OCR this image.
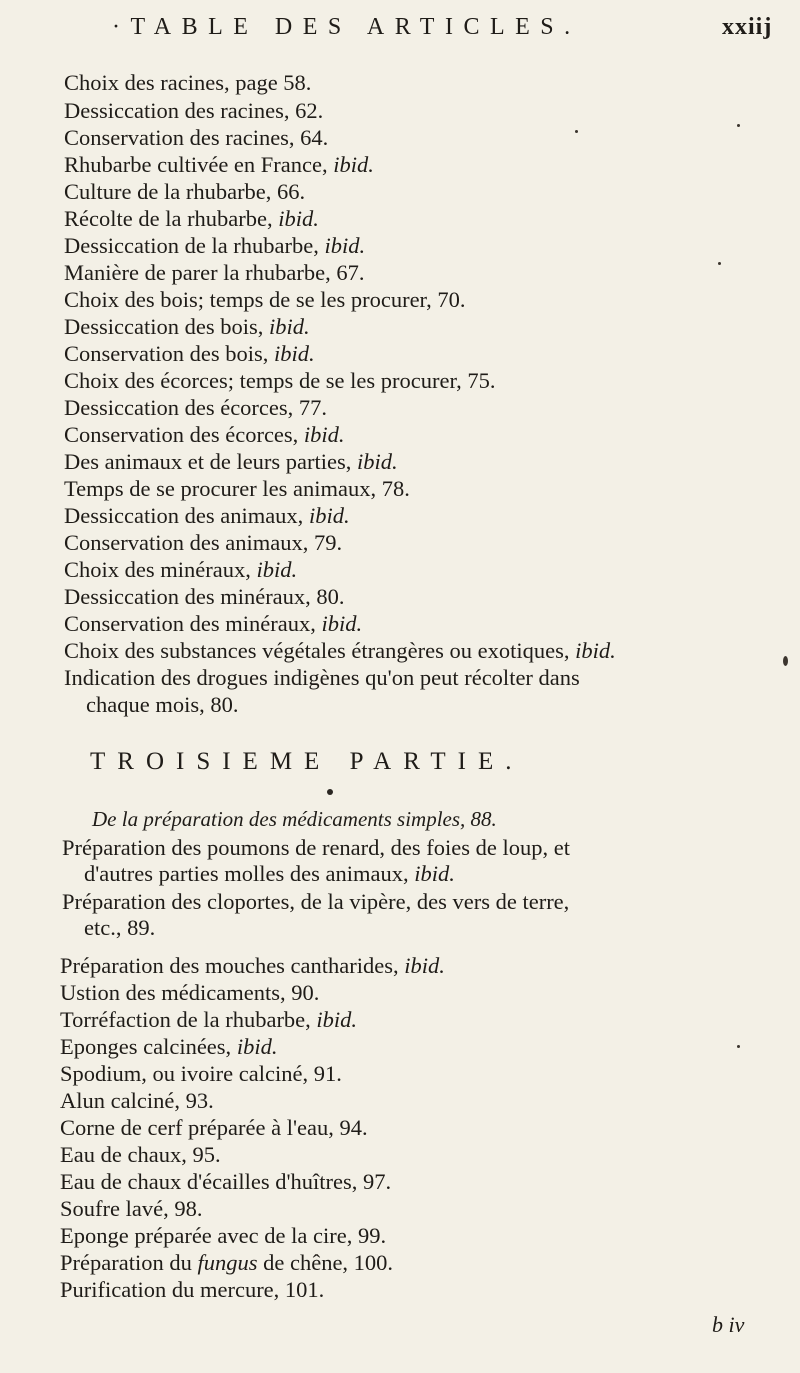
·TABLE DES ARTICLES.	xxiij
Choix des racines, page 58.
Dessiccation des racines, 62.
Conservation des racines, 64.
Rhubarbe cultivée en France, ibid.
Culture de la rhubarbe, 66.
Récolte de la rhubarbe, ibid.
Dessiccation de la rhubarbe, ibid.
Manière de parer la rhubarbe, 67.
Choix des bois; temps de se les procurer, 70.
Dessiccation des bois, ibid.
Conservation des bois, ibid.
Choix des écorces; temps de se les procurer, 75.
Dessiccation des écorces, 77.
Conservation des écorces, ibid.
Des animaux et de leurs parties, ibid.
Temps de se procurer les animaux, 78.
Dessiccation des animaux, ibid.
Conservation des animaux, 79.
Choix des minéraux, ibid.
Dessiccation des minéraux, 80.
Conservation des minéraux, ibid.
Choix des substances végétales étrangères ou exotiques, ibid.
Indication des drogues indigènes qu'on peut récolter dans
chaque mois, 80.
TROISIEME PARTIE.
De la préparation des médicaments simples, 88.
Préparation des poumons de renard, des foies de loup, et
d'autres parties molles des animaux, ibid.
Préparation des cloportes, de la vipère, des vers de terre,
etc., 89.
Préparation des mouches cantharides, ibid.
Ustion des médicaments, 90.
Torréfaction de la rhubarbe, ibid.
Eponges calcinées, ibid.
Spodium, ou ivoire calciné, 91.
Alun calciné, 93.
Corne de cerf préparée à l'eau, 94.
Eau de chaux, 95.
Eau de chaux d'écailles d'huîtres, 97.
Soufre lavé, 98.
Eponge préparée avec de la cire, 99.
Préparation du fungus de chêne, 100.
Purification du mercure, 101.
b iv
